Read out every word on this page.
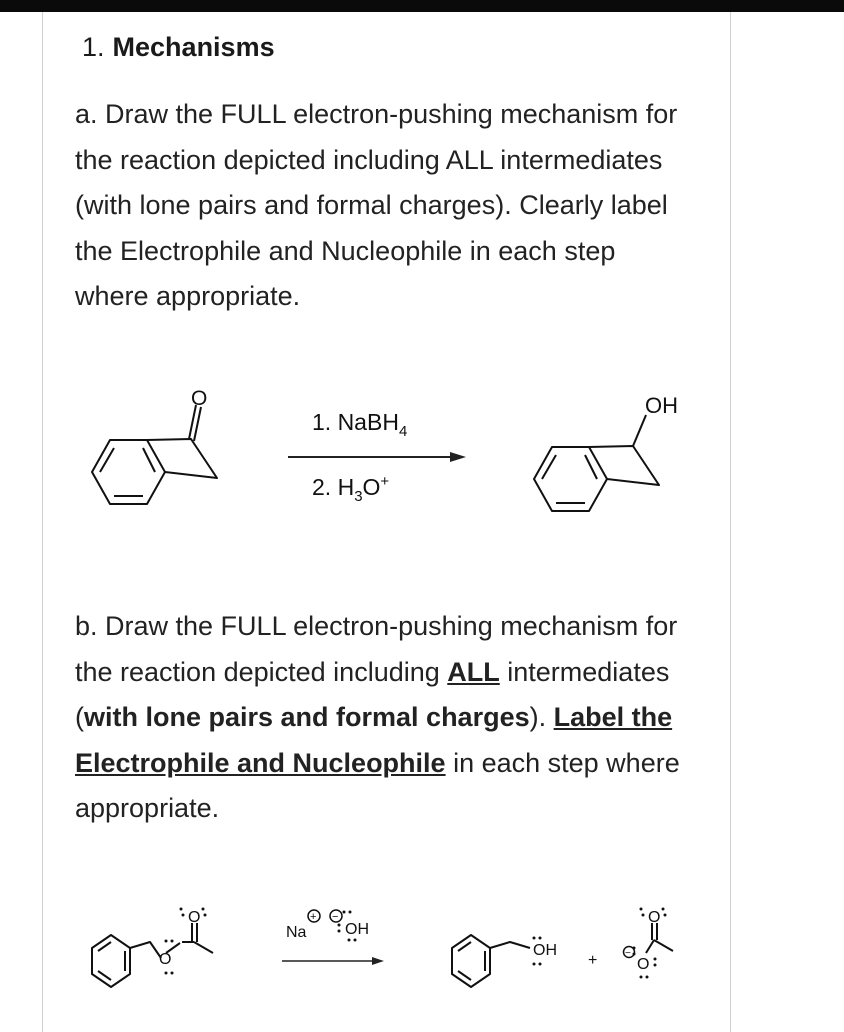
1. Mechanisms
a. Draw the FULL electron-pushing mechanism for the reaction depicted including ALL intermediates (with lone pairs and formal charges). Clearly label the Electrophile and Nucleophile in each step where appropriate.
O
1. NaBH$_4$
2. $H_3O^+$
OH
b. Draw the FULL electron-pushing mechanism for the reaction depicted including ALL intermediates (with lone pairs and formal charges). Label the Electrophile and Nucleophile in each step where appropriate.
O
O
Na
+ −
OH
OH
+
O
O
−
